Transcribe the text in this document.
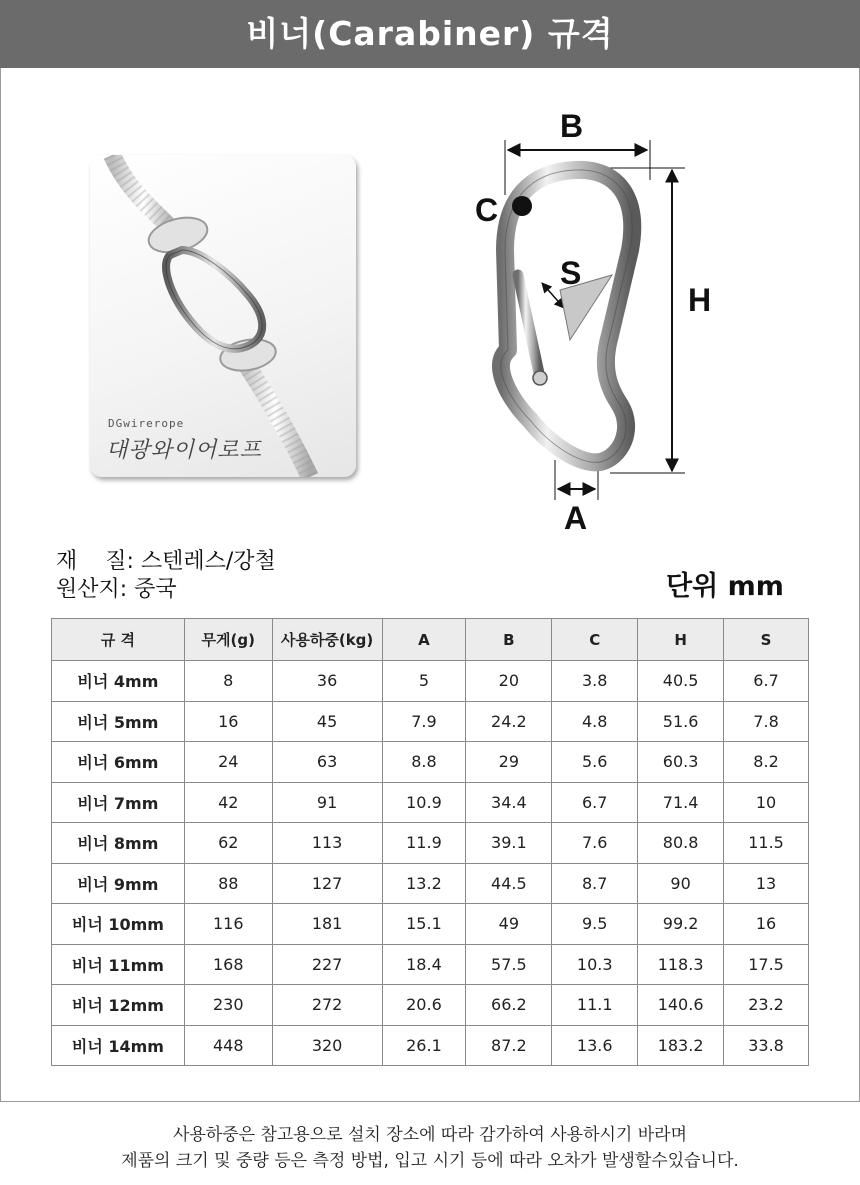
비너(Carabiner) 규격
DGwirerope
대광와이어로프
B
C
S
H
A
재    질: 스텐레스/강철
원산지: 중국	단위 mm
규 격	무게(g)	사용하중(kg)	A	B	C	H	S
비너 4mm	8	36	5	20	3.8	40.5	6.7
비너 5mm	16	45	7.9	24.2	4.8	51.6	7.8
비너 6mm	24	63	8.8	29	5.6	60.3	8.2
비너 7mm	42	91	10.9	34.4	6.7	71.4	10
비너 8mm	62	113	11.9	39.1	7.6	80.8	11.5
비너 9mm	88	127	13.2	44.5	8.7	90	13
비너 10mm	116	181	15.1	49	9.5	99.2	16
비너 11mm	168	227	18.4	57.5	10.3	118.3	17.5
비너 12mm	230	272	20.6	66.2	11.1	140.6	23.2
비너 14mm	448	320	26.1	87.2	13.6	183.2	33.8
사용하중은 참고용으로 설치 장소에 따라 감가하여 사용하시기 바라며
제품의 크기 및 중량 등은 측정 방법, 입고 시기 등에 따라 오차가 발생할수있습니다.
